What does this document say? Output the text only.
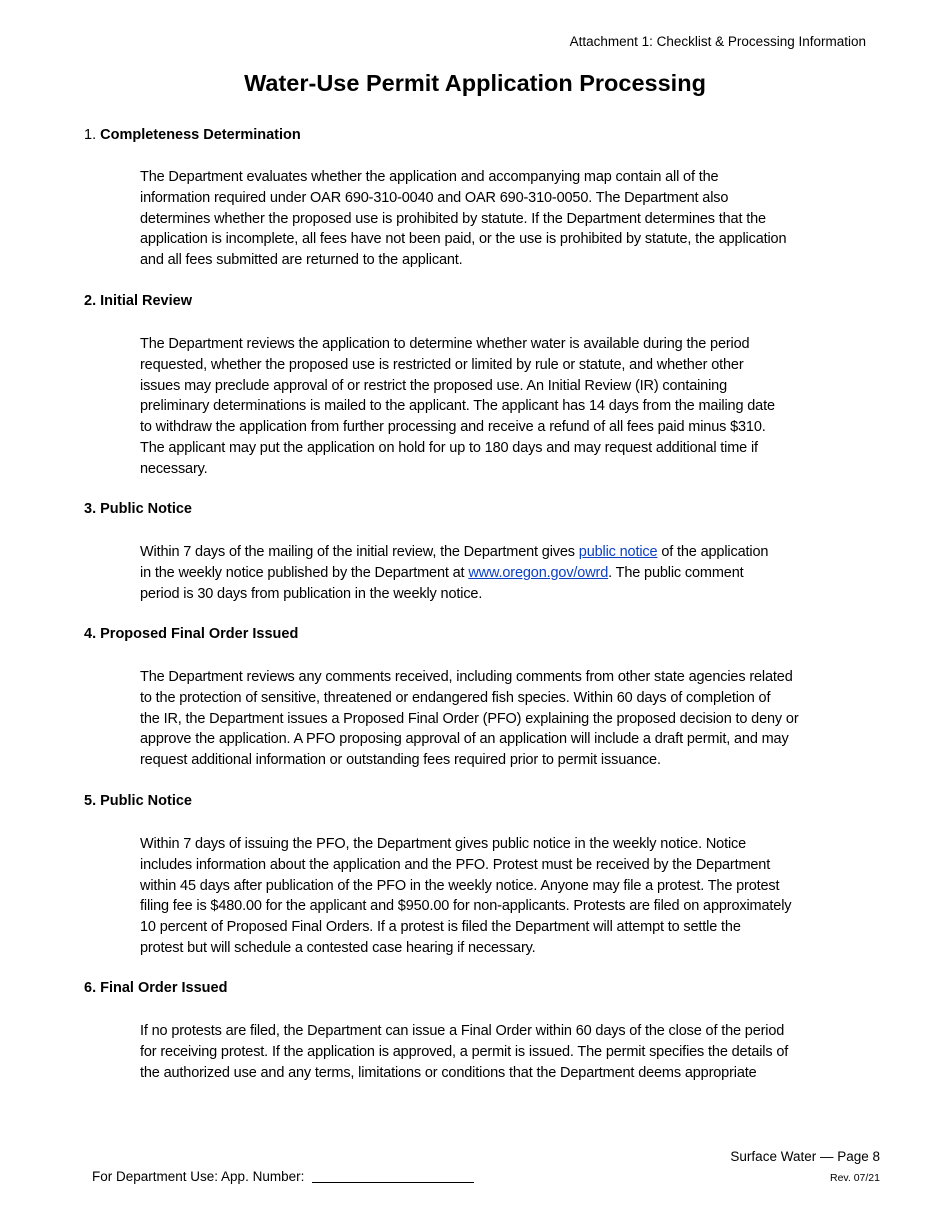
Attachment 1: Checklist & Processing Information
Water-Use Permit Application Processing

1. Completeness Determination

The Department evaluates whether the application and accompanying map contain all of the
information required under OAR 690-310-0040 and OAR 690-310-0050. The Department also
determines whether the proposed use is prohibited by statute. If the Department determines that the
application is incomplete, all fees have not been paid, or the use is prohibited by statute, the application
and all fees submitted are returned to the applicant.

2. Initial Review

The Department reviews the application to determine whether water is available during the period
requested, whether the proposed use is restricted or limited by rule or statute, and whether other
issues may preclude approval of or restrict the proposed use. An Initial Review (IR) containing
preliminary determinations is mailed to the applicant. The applicant has 14 days from the mailing date
to withdraw the application from further processing and receive a refund of all fees paid minus $310.
The applicant may put the application on hold for up to 180 days and may request additional time if
necessary.

3. Public Notice

Within 7 days of the mailing of the initial review, the Department gives public notice of the application
in the weekly notice published by the Department at www.oregon.gov/owrd. The public comment
period is 30 days from publication in the weekly notice.

4. Proposed Final Order Issued

The Department reviews any comments received, including comments from other state agencies related
to the protection of sensitive, threatened or endangered fish species. Within 60 days of completion of
the IR, the Department issues a Proposed Final Order (PFO) explaining the proposed decision to deny or
approve the application. A PFO proposing approval of an application will include a draft permit, and may
request additional information or outstanding fees required prior to permit issuance.

5. Public Notice

Within 7 days of issuing the PFO, the Department gives public notice in the weekly notice. Notice
includes information about the application and the PFO. Protest must be received by the Department
within 45 days after publication of the PFO in the weekly notice. Anyone may file a protest. The protest
filing fee is $480.00 for the applicant and $950.00 for non-applicants. Protests are filed on approximately
10 percent of Proposed Final Orders. If a protest is filed the Department will attempt to settle the
protest but will schedule a contested case hearing if necessary.

6. Final Order Issued

If no protests are filed, the Department can issue a Final Order within 60 days of the close of the period
for receiving protest. If the application is approved, a permit is issued. The permit specifies the details of
the authorized use and any terms, limitations or conditions that the Department deems appropriate

Surface Water — Page 8
Rev. 07/21
For Department Use: App. Number:
